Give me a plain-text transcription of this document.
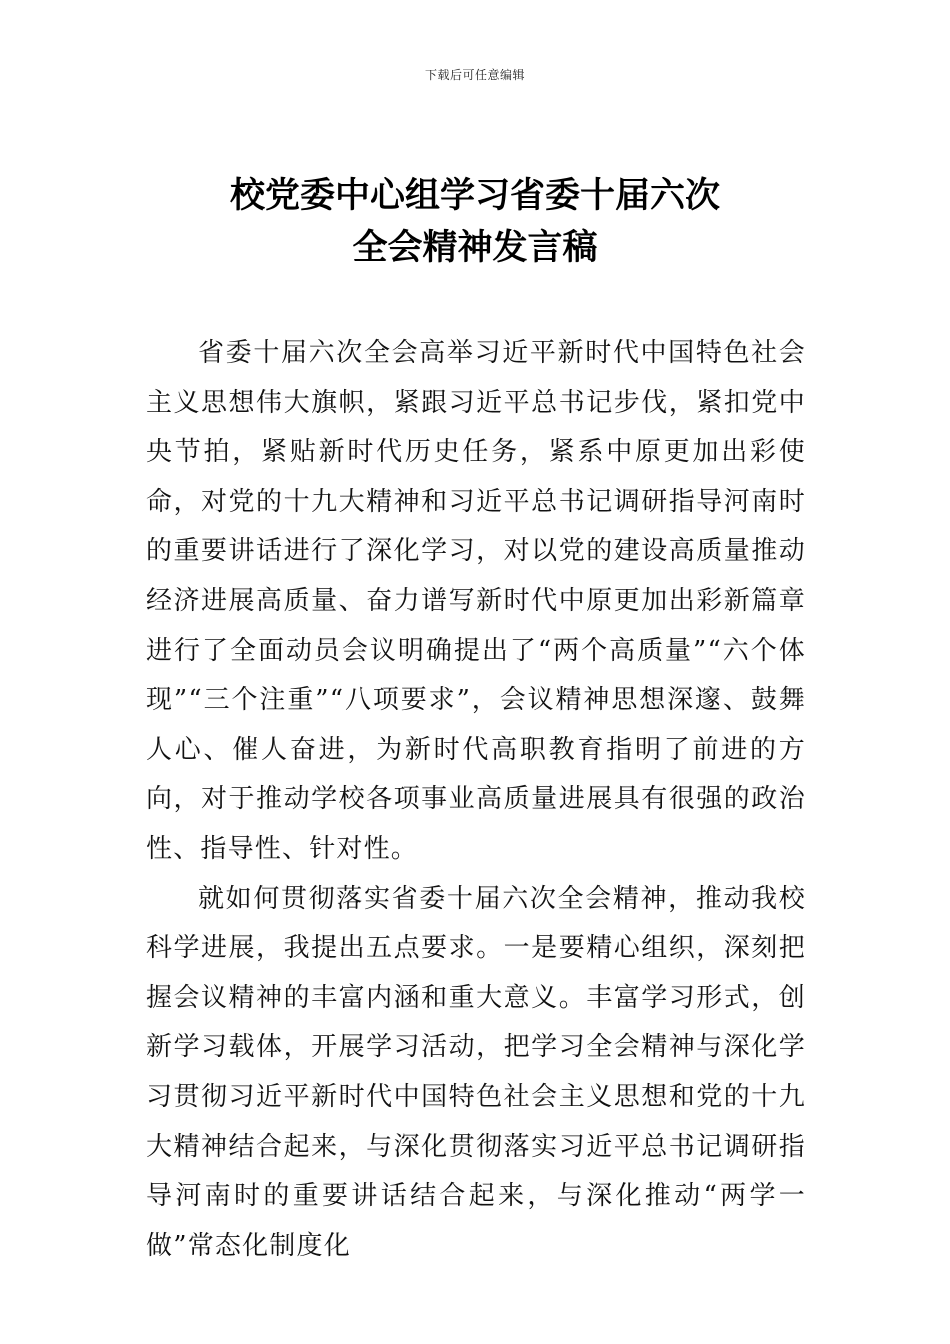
下载后可任意编辑
校党委中心组学习省委十届六次
全会精神发言稿

省委十届六次全会高举习近平新时代中国特色社会主义思想伟大旗帜，紧跟习近平总书记步伐，紧扣党中央节拍，紧贴新时代历史任务，紧系中原更加出彩使命，对党的十九大精神和习近平总书记调研指导河南时的重要讲话进行了深化学习，对以党的建设高质量推动经济进展高质量、奋力谱写新时代中原更加出彩新篇章进行了全面动员会议明确提出了“两个高质量”“六个体现”“三个注重”“八项要求”，会议精神思想深邃、鼓舞人心、催人奋进，为新时代高职教育指明了前进的方向，对于推动学校各项事业高质量进展具有很强的政治性、指导性、针对性。

就如何贯彻落实省委十届六次全会精神，推动我校科学进展，我提出五点要求。一是要精心组织，深刻把握会议精神的丰富内涵和重大意义。丰富学习形式，创新学习载体，开展学习活动，把学习全会精神与深化学习贯彻习近平新时代中国特色社会主义思想和党的十九大精神结合起来，与深化贯彻落实习近平总书记调研指导河南时的重要讲话结合起来，与深化推动“两学一做”常态化制度化
